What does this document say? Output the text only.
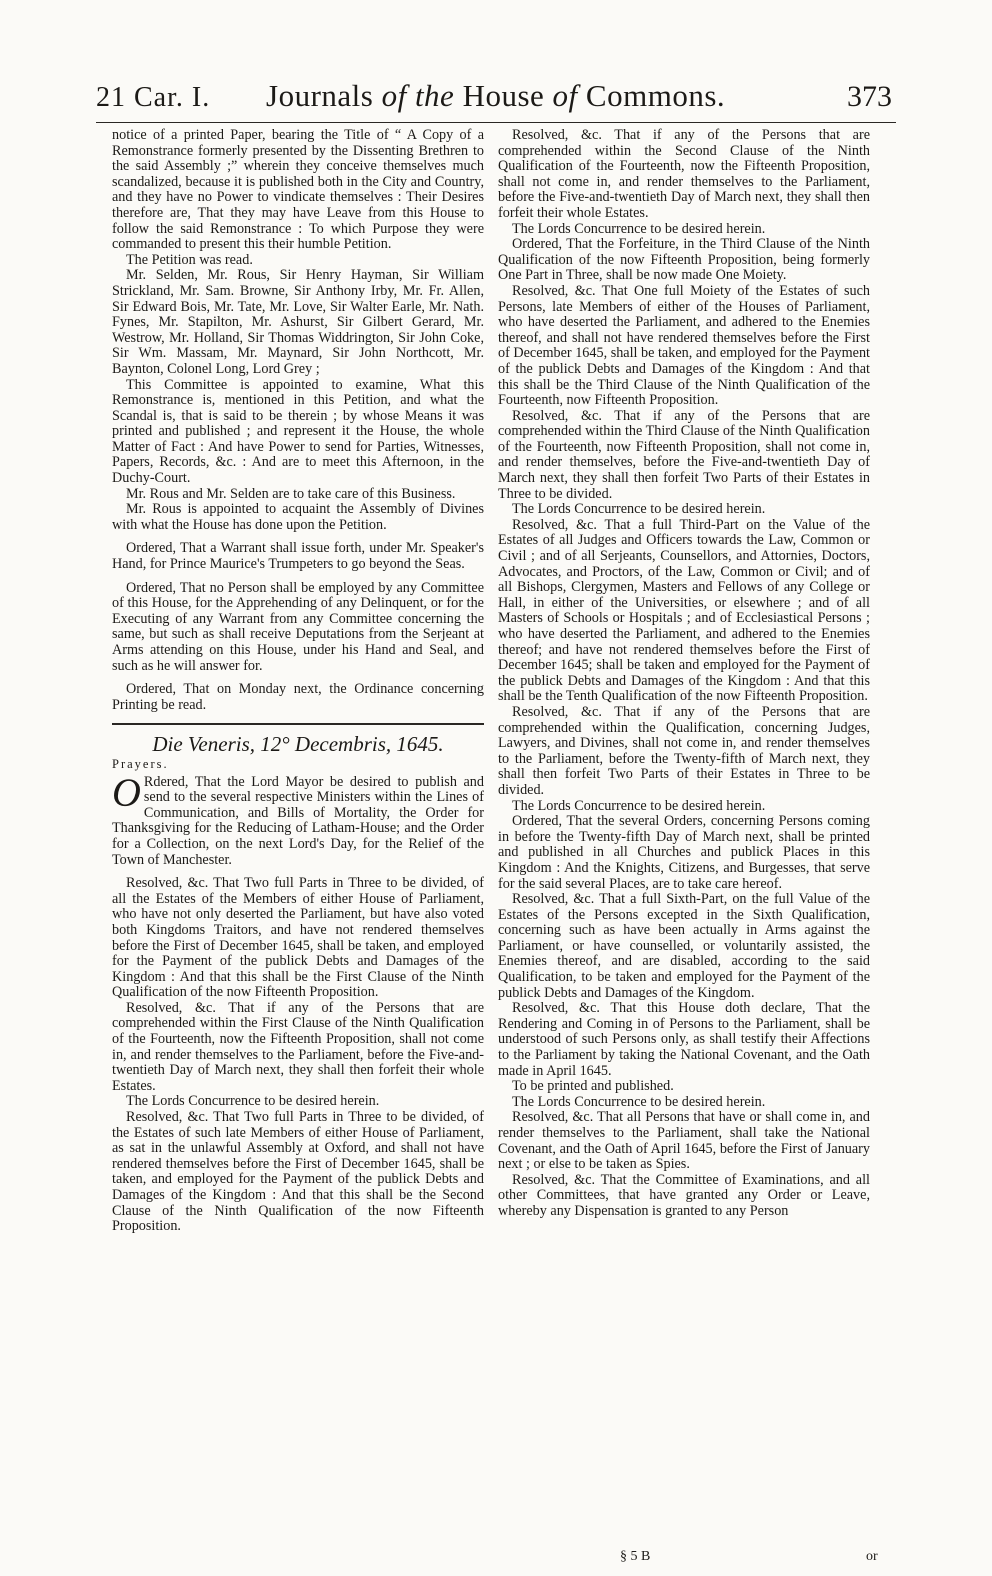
21 Car. I. Journals of the House of Commons.	373

notice of a printed Paper, bearing the Title of “ A Copy of a Remonstrance formerly presented by the Dissenting Brethren to the said Assembly ;” wherein they conceive themselves much scandalized, because it is published both in the City and Country, and they have no Power to vindicate themselves : Their Desires therefore are, That they may have Leave from this House to follow the said Remonstrance : To which Purpose they were commanded to present this their humble Petition.

The Petition was read.

Mr. Selden, Mr. Rous, Sir Henry Hayman, Sir William Strickland, Mr. Sam. Browne, Sir Anthony Irby, Mr. Fr. Allen, Sir Edward Bois, Mr. Tate, Mr. Love, Sir Walter Earle, Mr. Nath. Fynes, Mr. Stapilton, Mr. Ashurst, Sir Gilbert Gerard, Mr. Westrow, Mr. Holland, Sir Thomas Widdrington, Sir John Coke, Sir Wm. Massam, Mr. Maynard, Sir John Northcott, Mr. Baynton, Colonel Long, Lord Grey ;

This Committee is appointed to examine, What this Remonstrance is, mentioned in this Petition, and what the Scandal is, that is said to be therein ; by whose Means it was printed and published ; and represent it the House, the whole Matter of Fact : And have Power to send for Parties, Witnesses, Papers, Records, &c. : And are to meet this Afternoon, in the Duchy-Court.

Mr. Rous and Mr. Selden are to take care of this Business.

Mr. Rous is appointed to acquaint the Assembly of Divines with what the House has done upon the Petition.

Ordered, That a Warrant shall issue forth, under Mr. Speaker's Hand, for Prince Maurice's Trumpeters to go beyond the Seas.

Ordered, That no Person shall be employed by any Committee of this House, for the Apprehending of any Delinquent, or for the Executing of any Warrant from any Committee concerning the same, but such as shall receive Deputations from the Serjeant at Arms attending on this House, under his Hand and Seal, and such as he will answer for.

Ordered, That on Monday next, the Ordinance concerning Printing be read.

Die Veneris, 12° Decembris, 1645.
Prayers.

O Rdered, That the Lord Mayor be desired to publish and send to the several respective Ministers within the Lines of Communication, and Bills of Mortality, the Order for Thanksgiving for the Reducing of Latham-House; and the Order for a Collection, on the next Lord's Day, for the Relief of the Town of Manchester.

Resolved, &c. That Two full Parts in Three to be divided, of all the Estates of the Members of either House of Parliament, who have not only deserted the Parliament, but have also voted both Kingdoms Traitors, and have not rendered themselves before the First of December 1645, shall be taken, and employed for the Payment of the publick Debts and Damages of the Kingdom : And that this shall be the First Clause of the Ninth Qualification of the now Fifteenth Proposition.

Resolved, &c. That if any of the Persons that are comprehended within the First Clause of the Ninth Qualification of the Fourteenth, now the Fifteenth Proposition, shall not come in, and render themselves to the Parliament, before the Five-and-twentieth Day of March next, they shall then forfeit their whole Estates.

The Lords Concurrence to be desired herein.

Resolved, &c. That Two full Parts in Three to be divided, of the Estates of such late Members of either House of Parliament, as sat in the unlawful Assembly at Oxford, and shall not have rendered themselves before the First of December 1645, shall be taken, and employed for the Payment of the publick Debts and Damages of the Kingdom : And that this shall be the Second Clause of the Ninth Qualification of the now Fifteenth Proposition.

Resolved, &c. That if any of the Persons that are comprehended within the Second Clause of the Ninth Qualification of the Fourteenth, now the Fifteenth Proposition, shall not come in, and render themselves to the Parliament, before the Five-and-twentieth Day of March next, they shall then forfeit their whole Estates.

The Lords Concurrence to be desired herein.

Ordered, That the Forfeiture, in the Third Clause of the Ninth Qualification of the now Fifteenth Proposition, being formerly One Part in Three, shall be now made One Moiety.

Resolved, &c. That One full Moiety of the Estates of such Persons, late Members of either of the Houses of Parliament, who have deserted the Parliament, and adhered to the Enemies thereof, and shall not have rendered themselves before the First of December 1645, shall be taken, and employed for the Payment of the publick Debts and Damages of the Kingdom : And that this shall be the Third Clause of the Ninth Qualification of the Fourteenth, now Fifteenth Proposition.

Resolved, &c. That if any of the Persons that are comprehended within the Third Clause of the Ninth Qualification of the Fourteenth, now Fifteenth Proposition, shall not come in, and render themselves, before the Five-and-twentieth Day of March next, they shall then forfeit Two Parts of their Estates in Three to be divided.

The Lords Concurrence to be desired herein.

Resolved, &c. That a full Third-Part on the Value of the Estates of all Judges and Officers towards the Law, Common or Civil ; and of all Serjeants, Counsellors, and Attornies, Doctors, Advocates, and Proctors, of the Law, Common or Civil; and of all Bishops, Clergymen, Masters and Fellows of any College or Hall, in either of the Universities, or elsewhere ; and of all Masters of Schools or Hospitals ; and of Ecclesiastical Persons ; who have deserted the Parliament, and adhered to the Enemies thereof; and have not rendered themselves before the First of December 1645; shall be taken and employed for the Payment of the publick Debts and Damages of the Kingdom : And that this shall be the Tenth Qualification of the now Fifteenth Proposition.

Resolved, &c. That if any of the Persons that are comprehended within the Qualification, concerning Judges, Lawyers, and Divines, shall not come in, and render themselves to the Parliament, before the Twenty-fifth of March next, they shall then forfeit Two Parts of their Estates in Three to be divided.

The Lords Concurrence to be desired herein.

Ordered, That the several Orders, concerning Persons coming in before the Twenty-fifth Day of March next, shall be printed and published in all Churches and publick Places in this Kingdom : And the Knights, Citizens, and Burgesses, that serve for the said several Places, are to take care hereof.

Resolved, &c. That a full Sixth-Part, on the full Value of the Estates of the Persons excepted in the Sixth Qualification, concerning such as have been actually in Arms against the Parliament, or have counselled, or voluntarily assisted, the Enemies thereof, and are disabled, according to the said Qualification, to be taken and employed for the Payment of the publick Debts and Damages of the Kingdom.

Resolved, &c. That this House doth declare, That the Rendering and Coming in of Persons to the Parliament, shall be understood of such Persons only, as shall testify their Affections to the Parliament by taking the National Covenant, and the Oath made in April 1645.

To be printed and published.

The Lords Concurrence to be desired herein.

Resolved, &c. That all Persons that have or shall come in, and render themselves to the Parliament, shall take the National Covenant, and the Oath of April 1645, before the First of January next ; or else to be taken as Spies.

Resolved, &c. That the Committee of Examinations, and all other Committees, that have granted any Order or Leave, whereby any Dispensation is granted to any Person

§ 5 B	or
